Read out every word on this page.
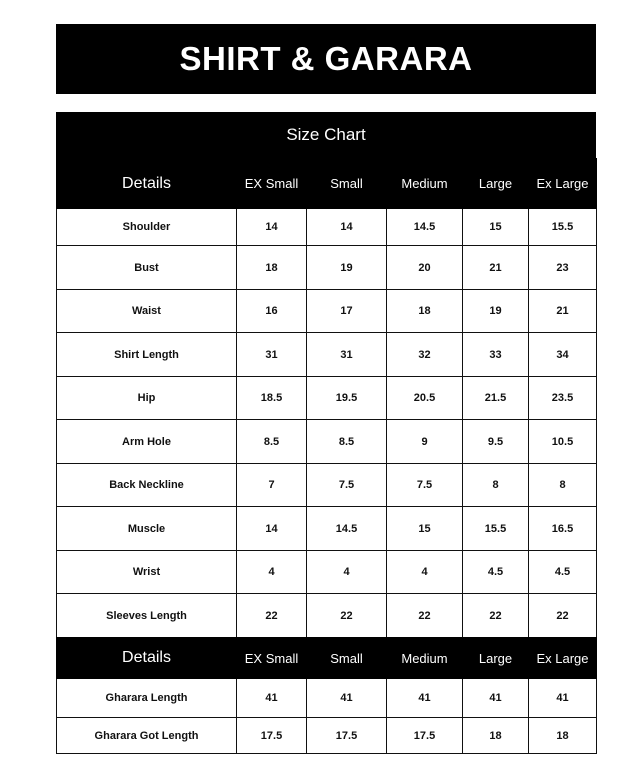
SHIRT & GARARA
Size Chart
Details	EX Small	Small	Medium	Large	Ex Large
Shoulder	14	14	14.5	15	15.5
Bust	18	19	20	21	23
Waist	16	17	18	19	21
Shirt Length	31	31	32	33	34
Hip	18.5	19.5	20.5	21.5	23.5
Arm Hole	8.5	8.5	9	9.5	10.5
Back Neckline	7	7.5	7.5	8	8
Muscle	14	14.5	15	15.5	16.5
Wrist	4	4	4	4.5	4.5
Sleeves Length	22	22	22	22	22
Details	EX Small	Small	Medium	Large	Ex Large
Gharara Length	41	41	41	41	41
Gharara Got Length	17.5	17.5	17.5	18	18
